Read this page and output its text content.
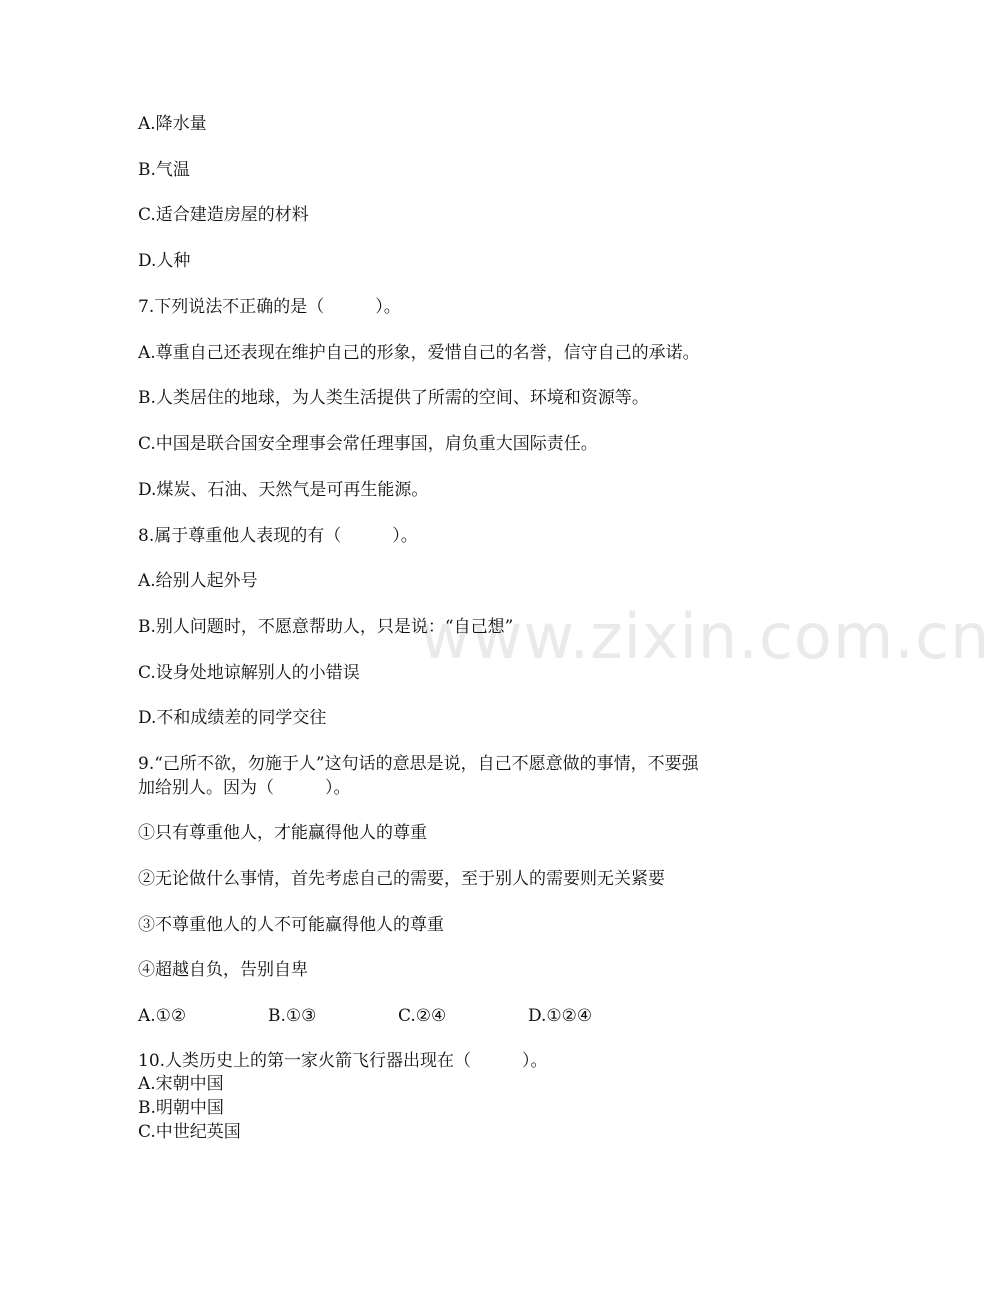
www.zixin.com.cn
A.降水量
B.气温
C.适合建造房屋的材料
D.人种
7.下列说法不正确的是（　　　）。
A.尊重自己还表现在维护自己的形象，爱惜自己的名誉，信守自己的承诺。
B.人类居住的地球，为人类生活提供了所需的空间、环境和资源等。
C.中国是联合国安全理事会常任理事国，肩负重大国际责任。
D.煤炭、石油、天然气是可再生能源。
8.属于尊重他人表现的有（　　　）。
A.给别人起外号
B.别人问题时，不愿意帮助人，只是说：“自己想”
C.设身处地谅解别人的小错误
D.不和成绩差的同学交往
9.“己所不欲，勿施于人”这句话的意思是说，自己不愿意做的事情，不要强
加给别人。因为（　　　）。
①只有尊重他人，才能赢得他人的尊重
②无论做什么事情，首先考虑自己的需要，至于别人的需要则无关紧要
③不尊重他人的人不可能赢得他人的尊重
④超越自负，告别自卑
A.①②	B.①③	C.②④	D.①②④
10.人类历史上的第一家火箭飞行器出现在（　　　）。
A.宋朝中国
B.明朝中国
C.中世纪英国
